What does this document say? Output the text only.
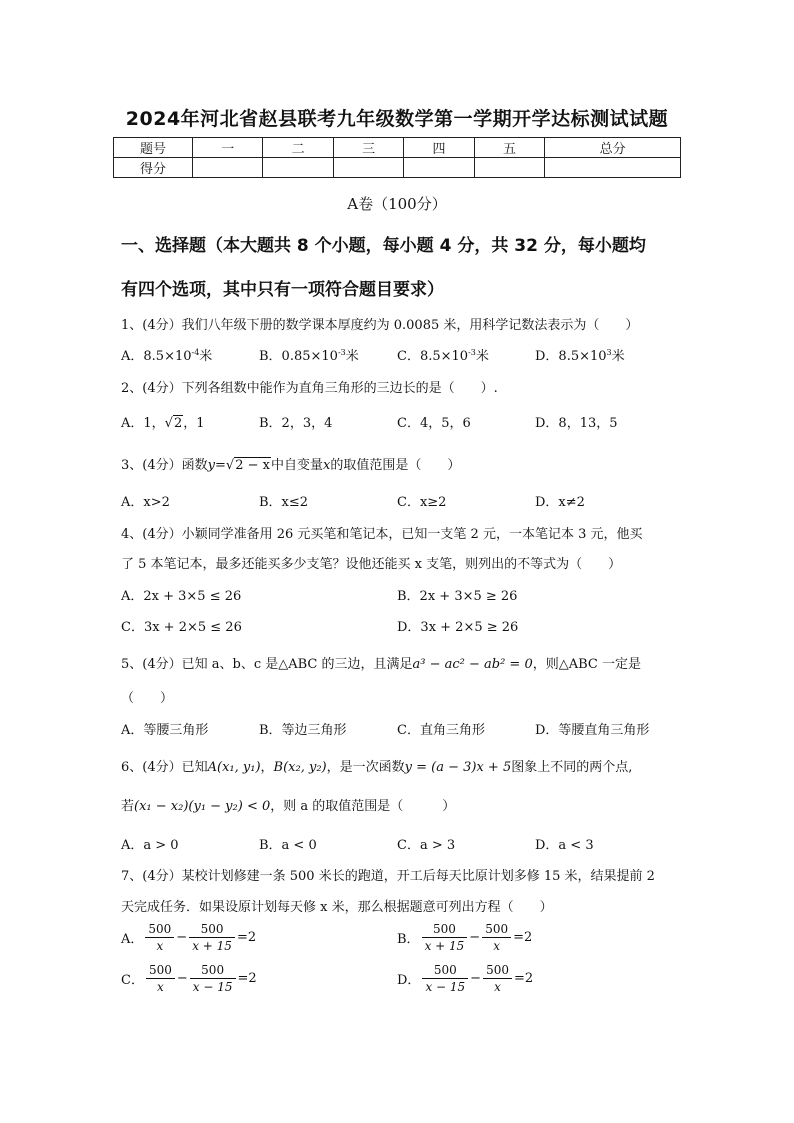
2024年河北省赵县联考九年级数学第一学期开学达标测试试题
题号	一	二	三	四	五	总分
得分						
A卷（100分）
一、选择题（本大题共 8 个小题，每小题 4 分，共 32 分，每小题均
有四个选项，其中只有一项符合题目要求）
1、(4分）我们八年级下册的数学课本厚度约为 0.0085 米，用科学记数法表示为（　　）
A．$8.5\times 10^{-4}$米	B．$0.85\times 10^{-3}$米	C．$8.5\times 10^{-3}$米	D．$8.5\times 10^3$米
2、(4分）下列各组数中能作为直角三角形的三边长的是（　　）.
A．1，√2，1	B．2，3，4	C．4，5，6	D．8，13，5
3、(4分）函数y=√2 − x中自变量x的取值范围是（　　）
A．x>2	B．x≤2	C．x≥2	D．x≠2
4、(4分）小颖同学准备用 26 元买笔和笔记本，已知一支笔 2 元，一本笔记本 3 元，他买
了 5 本笔记本，最多还能买多少支笔？设他还能买 x 支笔，则列出的不等式为（　　）
A．2x + 3×5 ≤ 26	B．2x + 3×5 ≥ 26
C．3x + 2×5 ≤ 26	D．3x + 2×5 ≥ 26
5、(4分）已知 a、b、c 是△ABC 的三边，且满足a³ − ac² − ab² = 0，则△ABC 一定是
（　　）
A．等腰三角形	B．等边三角形	C．直角三角形	D．等腰直角三角形
6、(4分）已知A(x₁, y₁)，B(x₂, y₂)，是一次函数y = (a − 3)x + 5图象上不同的两个点,
若(x₁ − x₂)(y₁ − y₂) < 0，则 a 的取值范围是（　　　）
A．a > 0	B．a < 0	C．a > 3	D．a < 3
7、(4分）某校计划修建一条 500 米长的跑道，开工后每天比原计划多修 15 米，结果提前 2
天完成任务．如果设原计划每天修 x 米，那么根据题意可列出方程（　　）
A． $\frac{500}{x} - \frac{500}{x + 15} =2$	B． $\frac{500}{x + 15} - \frac{500}{x} =2$
C． $\frac{500}{x} - \frac{500}{x - 15} =2$	D． $\frac{500}{x - 15} - \frac{500}{x} =2$
